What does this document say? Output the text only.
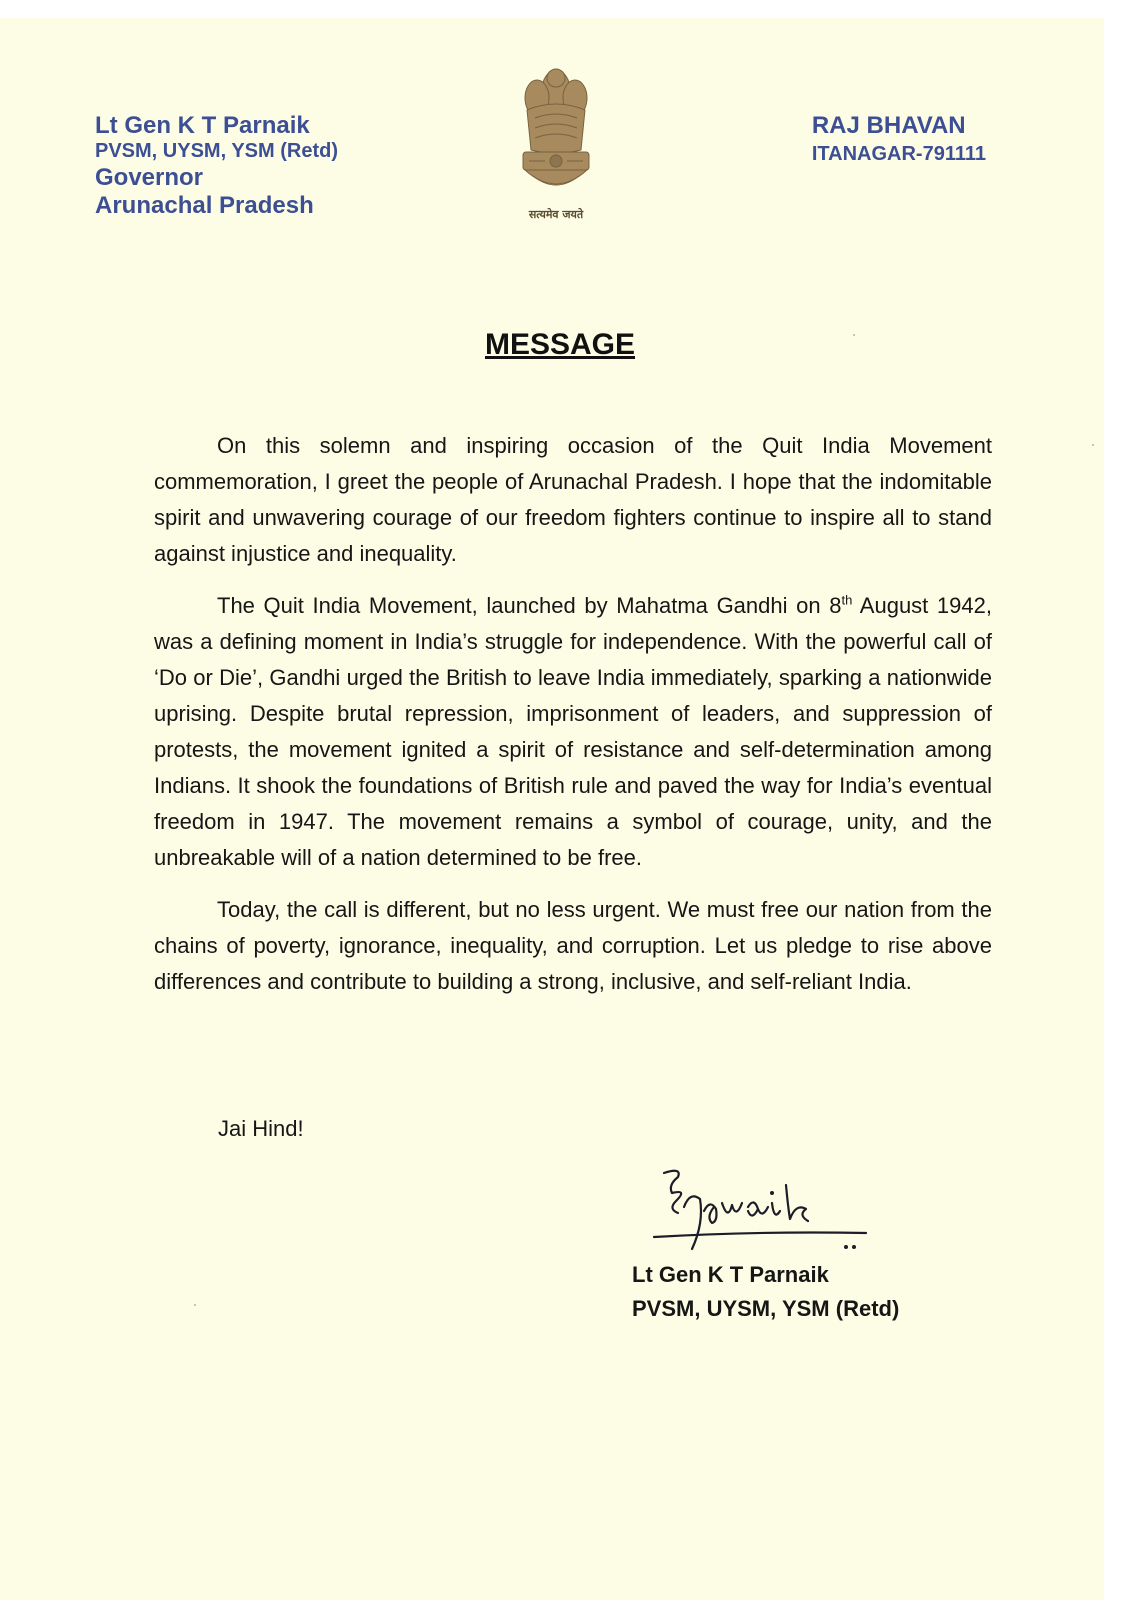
Lt Gen K T Parnaik
PVSM, UYSM, YSM (Retd)
Governor
Arunachal Pradesh	सत्यमेव जयते
RAJ BHAVAN
ITANAGAR-791111
MESSAGE

On this solemn and inspiring occasion of the Quit India Movement commemoration, I greet the people of Arunachal Pradesh. I hope that the indomitable spirit and unwavering courage of our freedom fighters continue to inspire all to stand against injustice and inequality.

The Quit India Movement, launched by Mahatma Gandhi on 8th August 1942, was a defining moment in India’s struggle for independence. With the powerful call of ‘Do or Die’, Gandhi urged the British to leave India immediately, sparking a nationwide uprising. Despite brutal repression, imprisonment of leaders, and suppression of protests, the movement ignited a spirit of resistance and self-determination among Indians. It shook the foundations of British rule and paved the way for India’s eventual freedom in 1947. The movement remains a symbol of courage, unity, and the unbreakable will of a nation determined to be free.

Today, the call is different, but no less urgent. We must free our nation from the chains of poverty, ignorance, inequality, and corruption. Let us pledge to rise above differences and contribute to building a strong, inclusive, and self-reliant India.

Jai Hind!
Lt Gen K T Parnaik
PVSM, UYSM, YSM (Retd)
